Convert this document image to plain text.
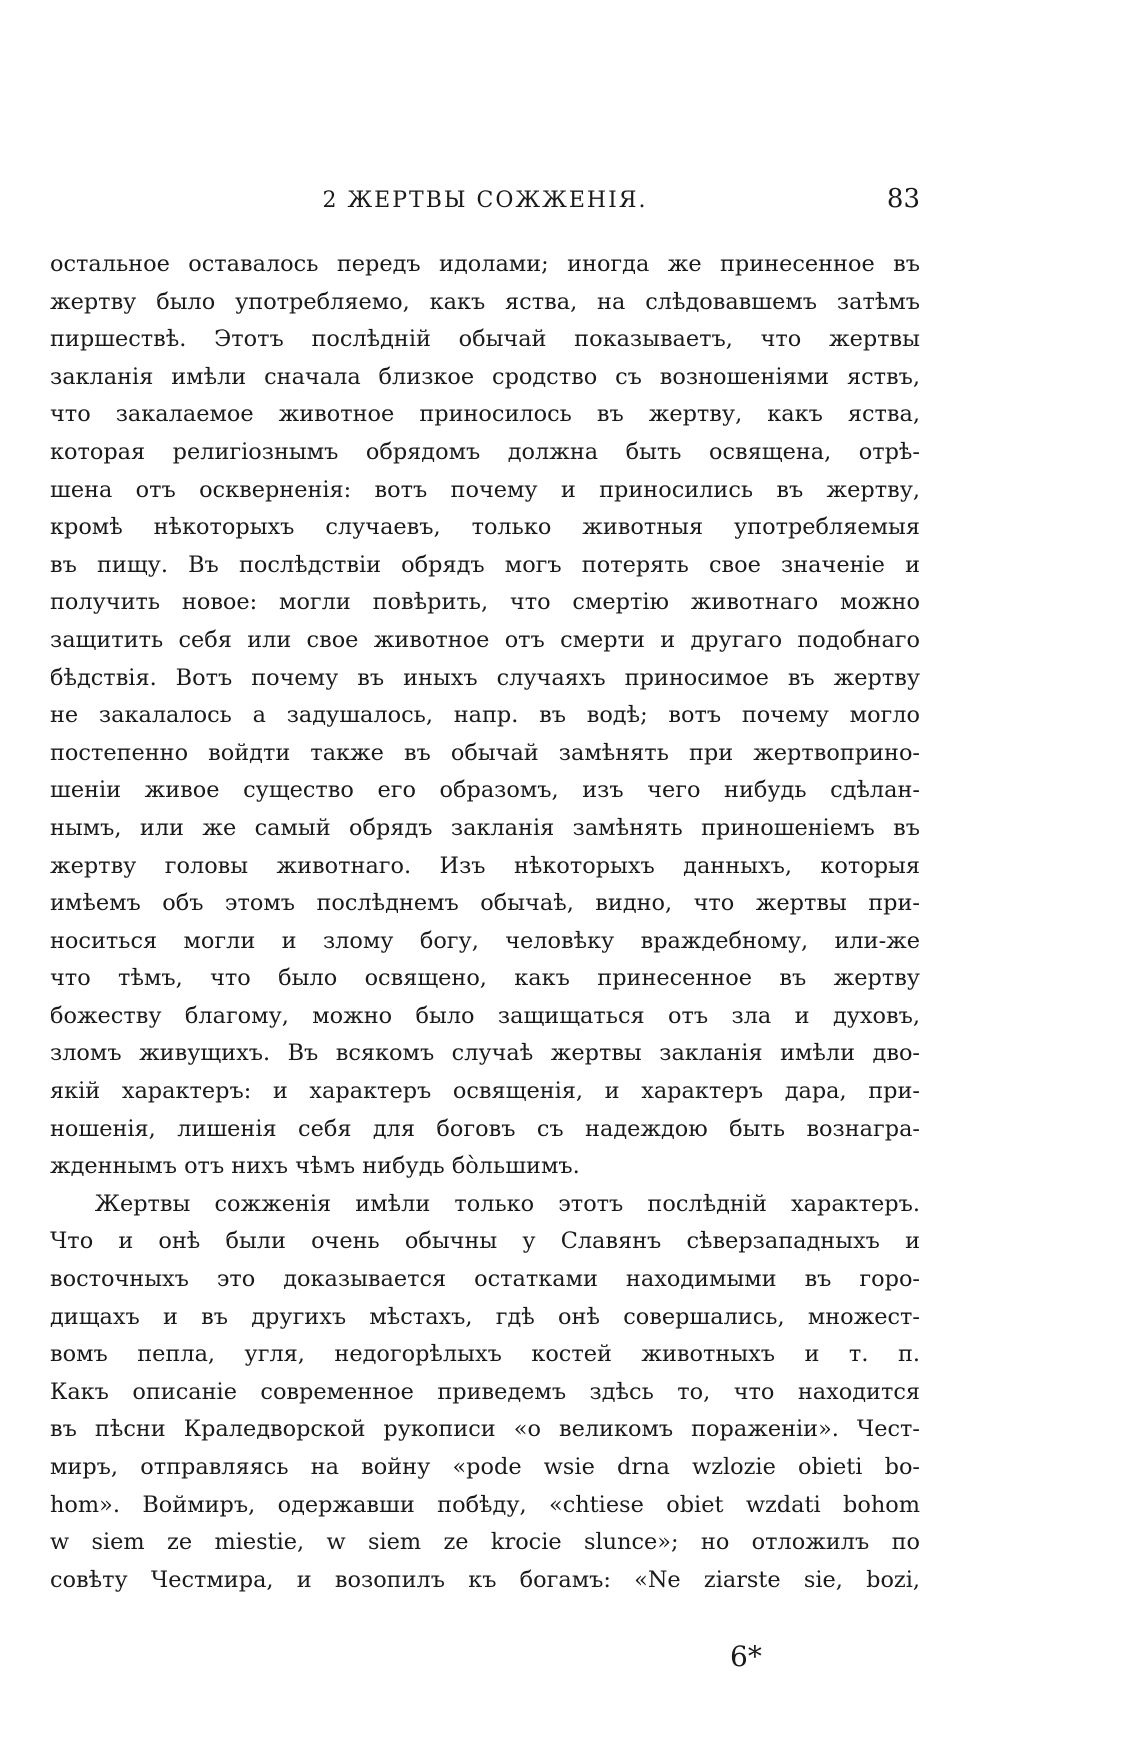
2 ЖЕРТВЫ СОЖЖЕНІЯ.	83

остальное оставалось передъ идолами; иногда же принесенное въ

жертву было употребляемо, какъ яства, на слѣдовавшемъ затѣмъ

пиршествѣ. Этотъ послѣдній обычай показываетъ, что жертвы

закланія имѣли сначала близкое сродство съ возношеніями яствъ,

что закалаемое животное приносилось въ жертву, какъ яства,

которая религіознымъ обрядомъ должна быть освящена, отрѣ-

шена отъ оскверненія: вотъ почему и приносились въ жертву,

кромѣ нѣкоторыхъ случаевъ, только животныя употребляемыя

въ пищу. Въ послѣдствіи обрядъ могъ потерять свое значеніе и

получить новое: могли повѣрить, что смертію животнаго можно

защитить себя или свое животное отъ смерти и другаго подобнаго

бѣдствія. Вотъ почему въ иныхъ случаяхъ приносимое въ жертву

не закалалось а задушалось, напр. въ водѣ; вотъ почему могло

постепенно войдти также въ обычай замѣнять при жертвоприно-

шеніи живое существо его образомъ, изъ чего нибудь сдѣлан-

нымъ, или же самый обрядъ закланія замѣнять приношеніемъ въ

жертву головы животнаго. Изъ нѣкоторыхъ данныхъ, которыя

имѣемъ объ этомъ послѣднемъ обычаѣ, видно, что жертвы при-

носиться могли и злому богу, человѣку враждебному, или-же

что тѣмъ, что было освящено, какъ принесенное въ жертву

божеству благому, можно было защищаться отъ зла и духовъ,

зломъ живущихъ. Въ всякомъ случаѣ жертвы закланія имѣли дво-

якій характеръ: и характеръ освященія, и характеръ дара, при-

ношенія, лишенія себя для боговъ съ надеждою быть вознагра-

жденнымъ отъ нихъ чѣмъ нибудь бо̀льшимъ.

Жертвы сожженія имѣли только этотъ послѣдній характеръ.

Что и онѣ были очень обычны у Славянъ сѣверзападныхъ и

восточныхъ это доказывается остатками находимыми въ горо-

дищахъ и въ другихъ мѣстахъ, гдѣ онѣ совершались, множест-

вомъ пепла, угля, недогорѣлыхъ костей животныхъ и т. п.

Какъ описаніе современное приведемъ здѣсь то, что находится

въ пѣсни Краледворской рукописи «о великомъ пораженіи». Чест-

миръ, отправляясь на войну «pode wsie drna wzlozie obieti bo-

hom». Воймиръ, одержавши побѣду, «chtiese obiet wzdati bohom

w siem ze miestie, w siem ze krocie slunce»; но отложилъ по

совѣту Честмира, и возопилъ къ богамъ: «Ne ziarste sie, bozi,

6*
